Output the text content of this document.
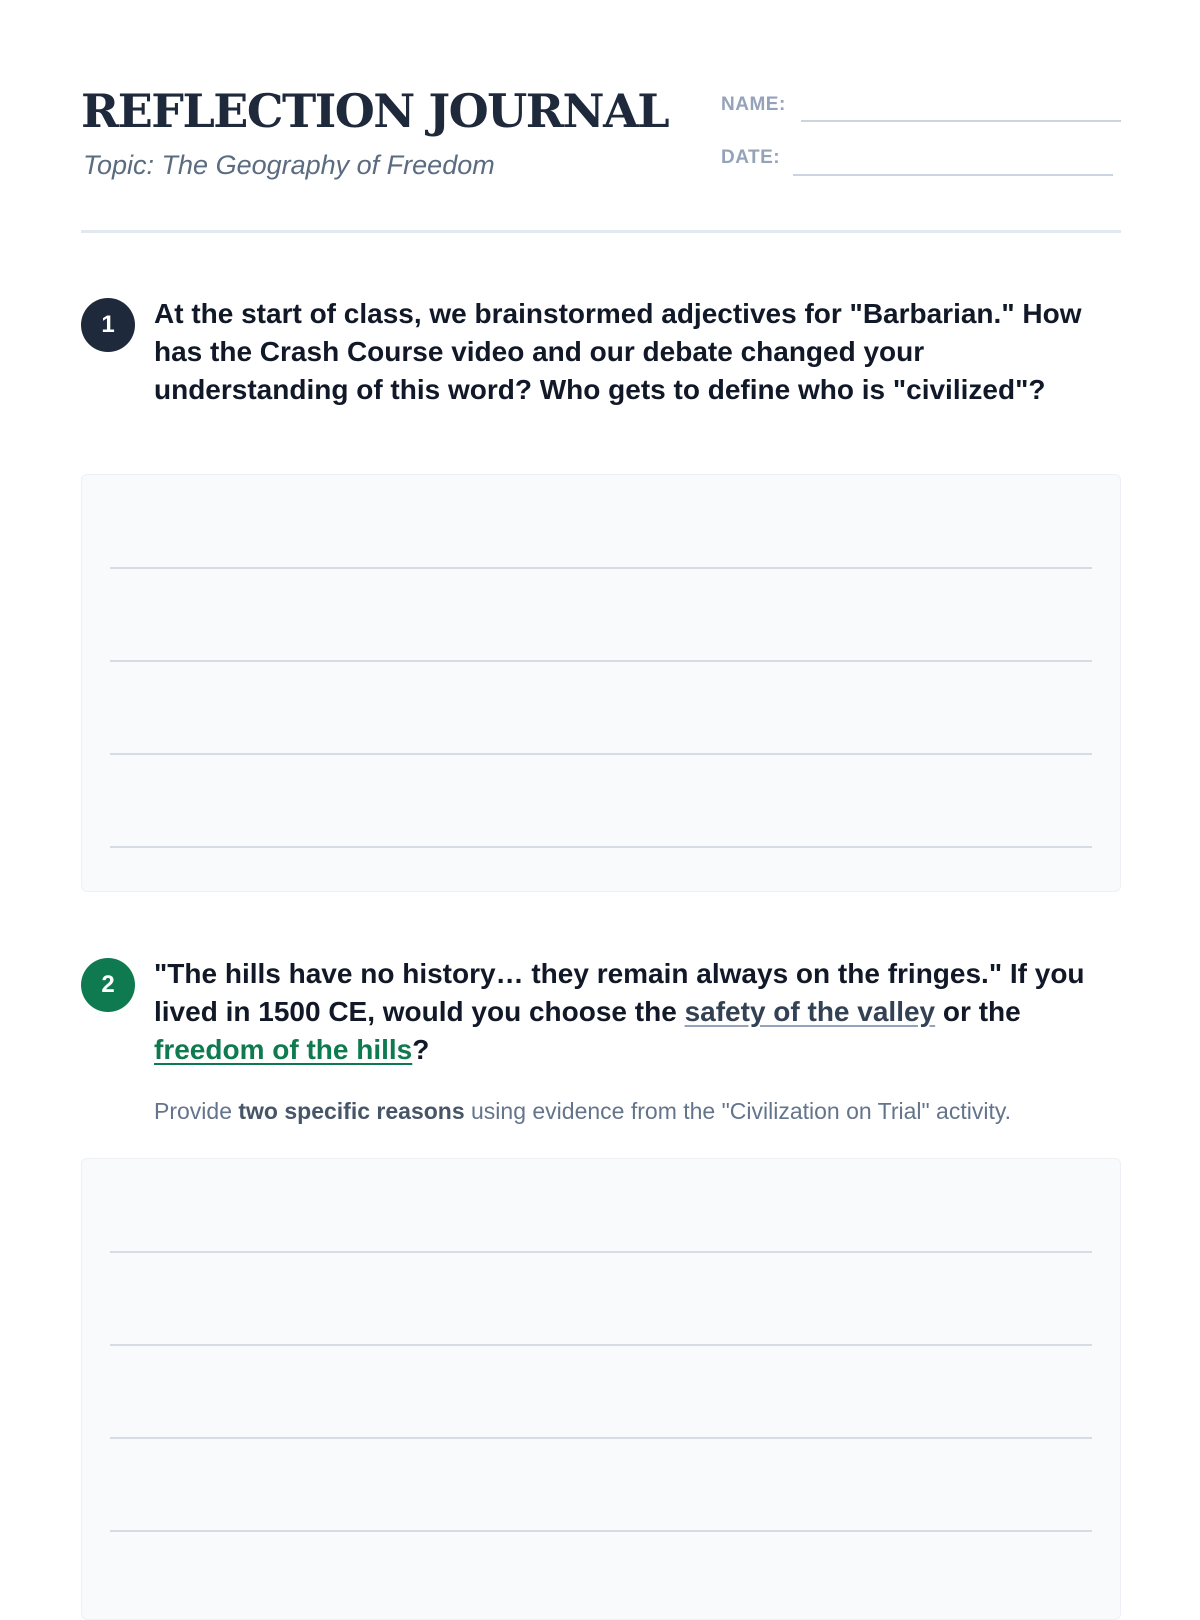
REFLECTION JOURNAL
Topic: The Geography of Freedom
NAME:
DATE:
1	At the start of class, we brainstormed adjectives for "Barbarian." How has the Crash Course video and our debate changed your understanding of this word? Who gets to define who is "civilized"?
2	"The hills have no history… they remain always on the fringes." If you lived in 1500 CE, would you choose the safety of the valley or the freedom of the hills?
Provide two specific reasons using evidence from the "Civilization on Trial" activity.
